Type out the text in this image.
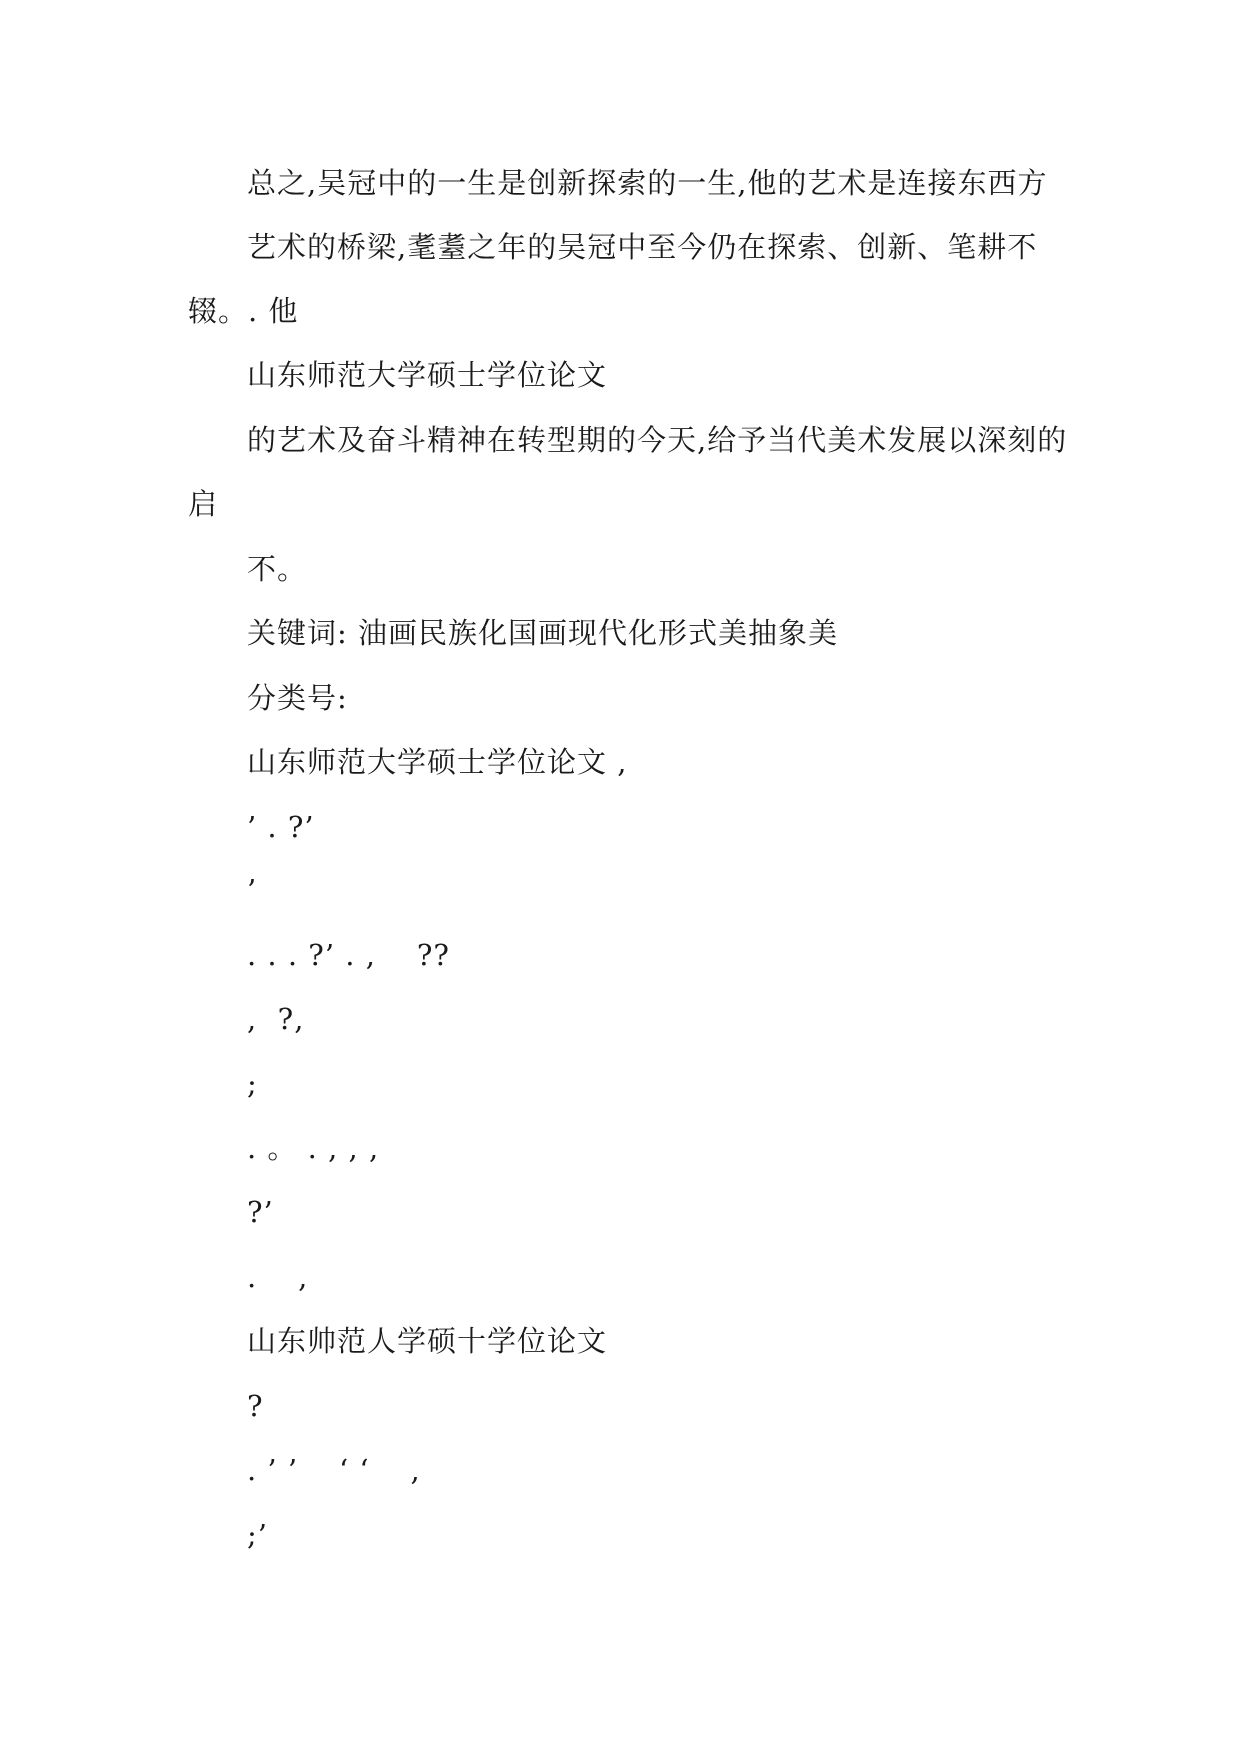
总之,吴冠中的一生是创新探索的一生,他的艺术是连接东西方
艺术的桥梁,耄耋之年的吴冠中至今仍在探索、创新、笔耕不
辍。. 他
山东师范大学硕士学位论文
的艺术及奋斗精神在转型期的今天,给予当代美术发展以深刻的
启
不。
关键词: 油画民族化国画现代化形式美抽象美
分类号:
山东师范大学硕士学位论文 ,
’ . ?’
’
. . . ?’ . ,    ??
,  ?,
;
. 。 . , , ,
?’
.    ,
山东帅范人学硕十学位论文
?
. ’ ’    ‘ ‘    ,
;’
